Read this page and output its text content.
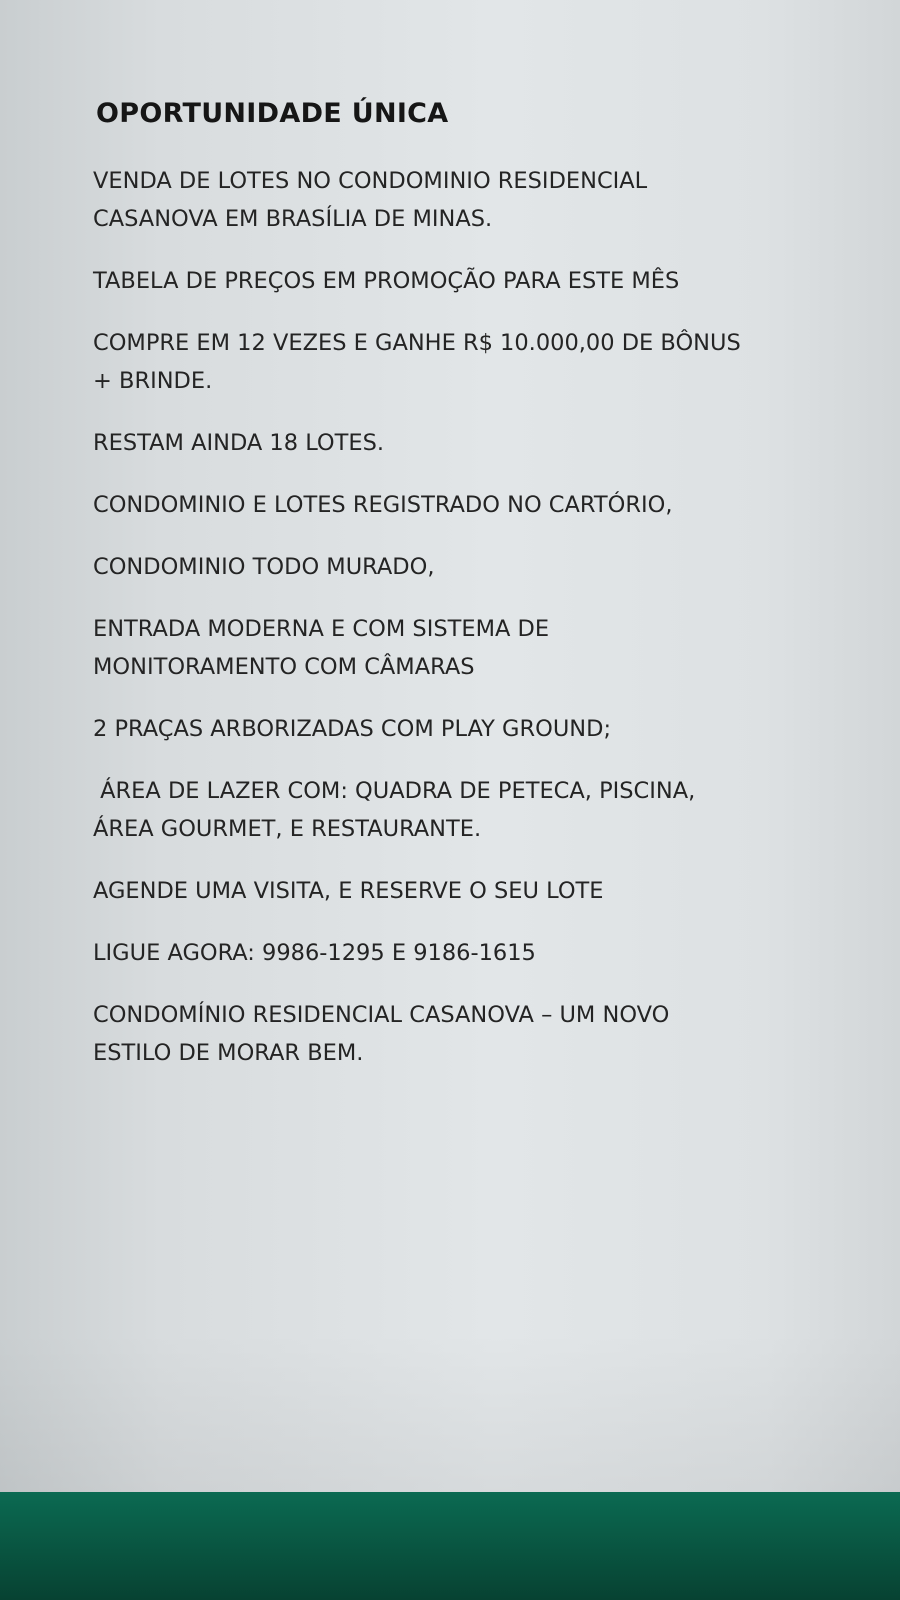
OPORTUNIDADE ÚNICA
VENDA DE LOTES NO CONDOMINIO RESIDENCIAL
CASANOVA EM BRASÍLIA DE MINAS.
TABELA DE PREÇOS EM PROMOÇÃO PARA ESTE MÊS
COMPRE EM 12 VEZES E GANHE R$ 10.000,00 DE BÔNUS
+ BRINDE.
RESTAM AINDA 18 LOTES.
CONDOMINIO E LOTES REGISTRADO NO CARTÓRIO,
CONDOMINIO TODO MURADO,
ENTRADA MODERNA E COM SISTEMA DE
MONITORAMENTO COM CÂMARAS
2 PRAÇAS ARBORIZADAS COM PLAY GROUND;
ÁREA DE LAZER COM: QUADRA DE PETECA, PISCINA,
ÁREA GOURMET, E RESTAURANTE.
AGENDE UMA VISITA, E RESERVE O SEU LOTE
LIGUE AGORA: 9986-1295 E 9186-1615
CONDOMÍNIO RESIDENCIAL CASANOVA – UM NOVO
ESTILO DE MORAR BEM.
